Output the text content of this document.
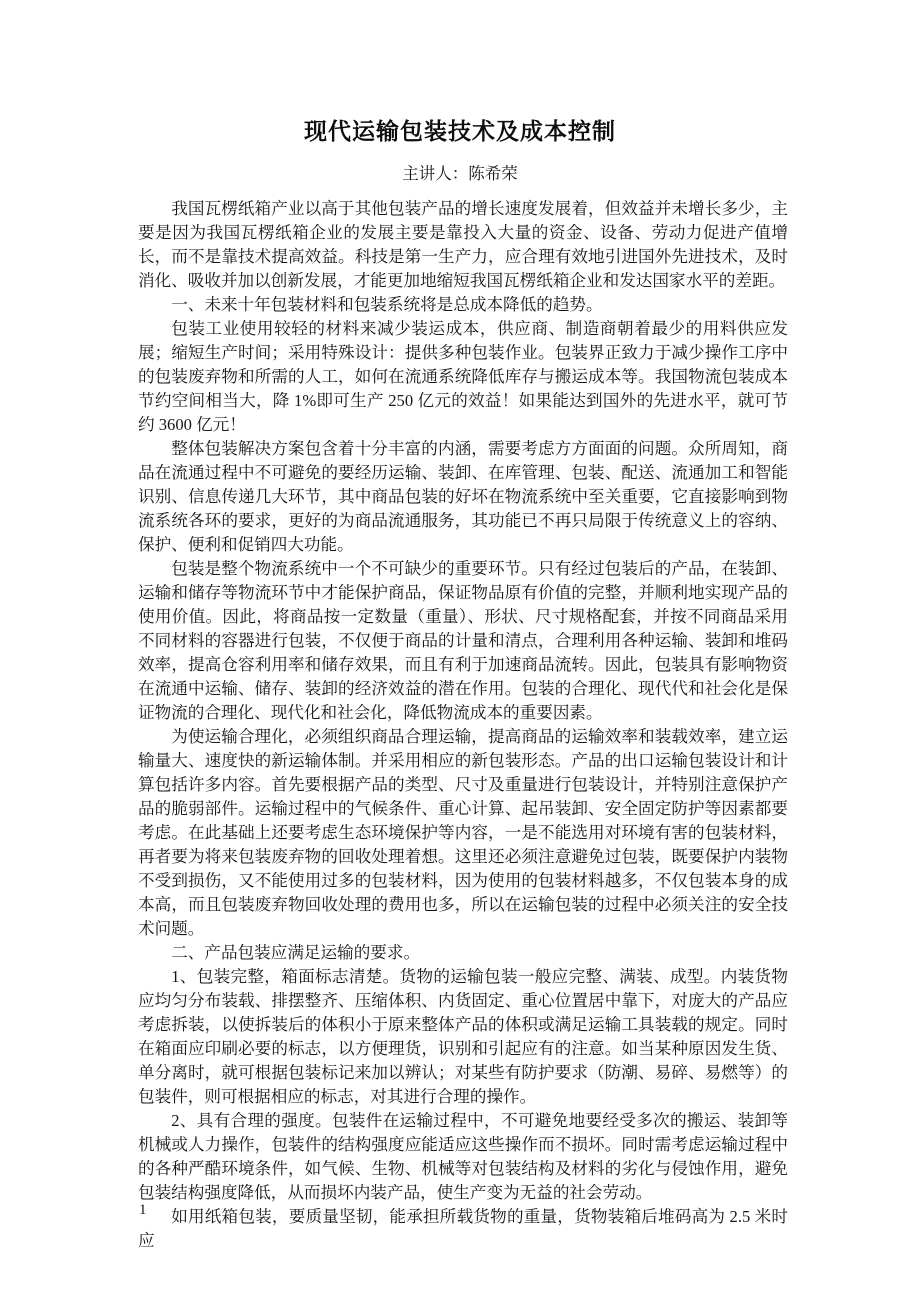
现代运输包装技术及成本控制
主讲人：陈希荣

我国瓦楞纸箱产业以高于其他包装产品的增长速度发展着，但效益并未增长多少，主要是因为我国瓦楞纸箱企业的发展主要是靠投入大量的资金、设备、劳动力促进产值增长，而不是靠技术提高效益。科技是第一生产力，应合理有效地引进国外先进技术，及时消化、吸收并加以创新发展，才能更加地缩短我国瓦楞纸箱企业和发达国家水平的差距。

一、未来十年包装材料和包装系统将是总成本降低的趋势。

包装工业使用较轻的材料来减少装运成本，供应商、制造商朝着最少的用料供应发展；缩短生产时间；采用特殊设计：提供多种包装作业。包装界正致力于减少操作工序中的包装废弃物和所需的人工，如何在流通系统降低库存与搬运成本等。我国物流包装成本节约空间相当大，降 1%即可生产 250 亿元的效益！如果能达到国外的先进水平，就可节约 3600 亿元！

整体包装解决方案包含着十分丰富的内涵，需要考虑方方面面的问题。众所周知，商品在流通过程中不可避免的要经历运输、装卸、在库管理、包装、配送、流通加工和智能识别、信息传递几大环节，其中商品包装的好坏在物流系统中至关重要，它直接影响到物流系统各环的要求，更好的为商品流通服务，其功能已不再只局限于传统意义上的容纳、保护、便利和促销四大功能。

包装是整个物流系统中一个不可缺少的重要环节。只有经过包装后的产品，在装卸、运输和储存等物流环节中才能保护商品，保证物品原有价值的完整，并顺利地实现产品的使用价值。因此，将商品按一定数量（重量）、形状、尺寸规格配套，并按不同商品采用不同材料的容器进行包装，不仅便于商品的计量和清点，合理利用各种运输、装卸和堆码效率，提高仓容利用率和储存效果，而且有利于加速商品流转。因此，包装具有影响物资在流通中运输、储存、装卸的经济效益的潜在作用。包装的合理化、现代代和社会化是保证物流的合理化、现代化和社会化，降低物流成本的重要因素。

为使运输合理化，必须组织商品合理运输，提高商品的运输效率和装载效率，建立运输量大、速度快的新运输体制。并采用相应的新包装形态。产品的出口运输包装设计和计算包括许多内容。首先要根据产品的类型、尺寸及重量进行包装设计，并特别注意保护产品的脆弱部件。运输过程中的气候条件、重心计算、起吊装卸、安全固定防护等因素都要考虑。在此基础上还要考虑生态环境保护等内容，一是不能选用对环境有害的包装材料，再者要为将来包装废弃物的回收处理着想。这里还必须注意避免过包装，既要保护内装物不受到损伤，又不能使用过多的包装材料，因为使用的包装材料越多，不仅包装本身的成本高，而且包装废弃物回收处理的费用也多，所以在运输包装的过程中必须关注的安全技术问题。

二、产品包装应满足运输的要求。

1、包装完整，箱面标志清楚。货物的运输包装一般应完整、满装、成型。内装货物应均匀分布装载、排摆整齐、压缩体积、内货固定、重心位置居中靠下，对庞大的产品应考虑拆装，以使拆装后的体积小于原来整体产品的体积或满足运输工具装载的规定。同时在箱面应印刷必要的标志，以方便理货，识别和引起应有的注意。如当某种原因发生货、单分离时，就可根据包装标记来加以辨认；对某些有防护要求（防潮、易碎、易燃等）的包装件，则可根据相应的标志，对其进行合理的操作。

2、具有合理的强度。包装件在运输过程中，不可避免地要经受多次的搬运、装卸等机械或人力操作，包装件的结构强度应能适应这些操作而不损坏。同时需考虑运输过程中的各种严酷环境条件，如气候、生物、机械等对包装结构及材料的劣化与侵蚀作用，避免包装结构强度降低，从而损坏内装产品，使生产变为无益的社会劳动。

如用纸箱包装，要质量坚韧，能承担所载货物的重量，货物装箱后堆码高为 2.5 米时应

1
